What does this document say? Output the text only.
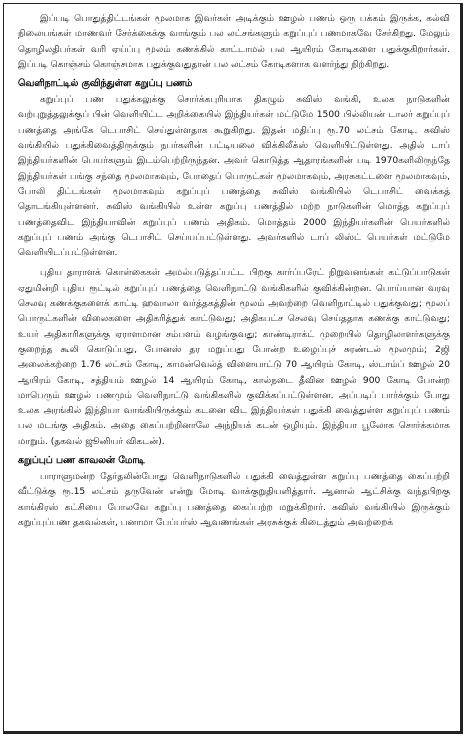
இப்படி பொதுத்திட்டங்கள் மூலமாக இவர்கள் அடிக்கும் ஊழல் பணம் ஒரு பக்கம் இருக்க, கல்வி நிலையங்கள் மாணவர் சேர்க்கைக்கு வாங்கும் பல லட்சங்களும் கறுப்புப் பணமாகவே சேர்கிறது. மேலும் தொழிலதிபர்கள் வரி ஏய்ப்பு மூலம் கணக்கில் காட்டாமல் பல ஆயிரம் கோடிகளை பதுக்குகிறார்கள். இப்படி கொஞ்சம் கொஞ்சமாக பதுக்குவதுதான் பல லட்சம் கோடிகளாக வளர்ந்து நிற்கிறது.

வெளிநாட்டில் குவிந்துள்ள கறுப்பு பணம்

கறுப்புப் பண பதுக்கலுக்கு சொர்க்கபுரியாக திகழும் சுவிஸ் வங்கி, உலக நாடுகளின் வற்புறுத்தலுக்குப் பின் வெளியிட்ட அறிக்கையில் இந்தியர்கள் மட்டுமே 1500 பில்லியன் டாலர் கறுப்புப் பணத்தை அங்கே டெபாசிட் செய்துள்ளதாக கூறுகிறது. இதன் மதிப்பு ரூ.70 லட்சம் கோடி. சுவிஸ் வங்கியில் பதுக்கிவைத்திருக்கும் நபர்களின் பட்டியலை விக்கிலீக்ஸ் வெளியிட்டுள்ளது. அதில் டாப் இந்தியர்களின் பெயர்களும் இடம்பெற்றிருந்தன. அவர் கொடுத்த ஆதாரங்களின் படி 1970களிலிருந்தே இந்தியர்கள் பங்கு சந்தை மூலமாகவும், போதைப் பொருட்கள் மூலமாகவும், அரசுகட்டளை மூலமாகவும், போலி திட்டங்கள் மூலமாகவும் கறுப்புப் பணத்தை சுவிஸ் வங்கியில் டெபாசிட் வைக்கத் தொடங்கியுள்ளனர். சுவிஸ் வங்கியில் உள்ள கறுப்பு பணத்தில் மற்ற நாடுகளின் மொத்த கறுப்புப் பணத்தைவிட இந்தியாவின் கறுப்புப் பணம் அதிகம். மொத்தம் 2000 இந்தியர்களின் பெயர்களில் கறுப்புப் பணம் அங்கு டெபாசிட் செய்யப்பட்டுள்ளது. அவர்களில் டாப் லிஸ்ட் பெயர்கள் மட்டுமே வெளியிடப்பட்டுள்ளன.

புதிய தாராளக் கொள்கைகள் அமல்படுத்தப்பட்ட பிறகு கார்ப்பரேட் நிறுவனங்கள் கட்டுப்பாடுகள் ஏதுமின்றி புதிய ரூட்டில் கறுப்புப் பணத்தை வெளிநாட்டு வங்கிகளில் குவிக்கின்றன. பொய்யான வரவு செலவு கணக்குகளைக் காட்டி ஹவாலா வர்த்தகத்தின் மூலம் அவற்றை வெளிநாட்டில் பதுக்குவது; மூலப் பொருட்களின் விலைகளை அதிகரித்துக் காட்டுவது; அதிகபட்ச செலவு செய்ததாக கணக்கு காட்டுவது; உயர் அதிகாரிகளுக்கு ஏராளமான சம்பளம் வழங்குவது; காண்டிராக்ட் முறையில் தொழிலாளர்களுக்கு குறைந்த கூலி கொடுப்பது, போனஸ் தர மறுப்பது போன்ற உழைப்புச் சுரண்டல் மூலமும்; 2ஜி அலைக்கற்றை 1.76 லட்சம் கோடி, காமன்வெல்த் விளையாட்டு 70 ஆயிரம் கோடி, ஸ்டாம்ப் ஊழல் 20 ஆயிரம் கோடி, சத்தியம் ஊழல் 14 ஆயிரம் கோடி, கால்நடை தீவின ஊழல் 900 கோடி போன்ற மாபெரும் ஊழல் பணமும் வெளிநாட்டு வங்கிகளில் குவிக்கப்பட்டுள்ளன. அப்படிப் பார்க்கும் போது உலக அரங்கில் இந்தியா வாங்கியிருக்கும் கடனை விட இந்தியர்கள் பதுக்கி வைத்துள்ள கறுப்புப் பணம் பல மடங்கு அதிகம். அதை கைப்பற்றினாலே அந்நியக் கடன் ஒழியும். இந்தியா பூலோக சொர்க்கமாக மாறும். (தகவல் ஜூனியர் விகடன்).

கறுப்புப் பண காவலன் மோடி

பாராளுமன்ற தேர்தலின்போது வெளிநாடுகளில் பதுக்கி வைத்துள்ள கறுப்பு பணத்தை கைப்பற்றி வீட்டுக்கு ரூ.15 லட்சம் தருவேன் என்று மோடி வாக்குறுதியளித்தார். ஆனால் ஆட்சிக்கு வந்தபிறகு காங்கிரஸ் கட்சியை போலவே கறுப்பு பணத்தை கைப்பற்ற மறுக்கிறார். சுவிஸ் வங்கியில் இருக்கும் கறுப்புப்பண தகவல்கள், பனாமா பேப்பர்ஸ் ஆவணங்கள் அரசுக்குக் கிடைத்தும் அவற்றைக்
